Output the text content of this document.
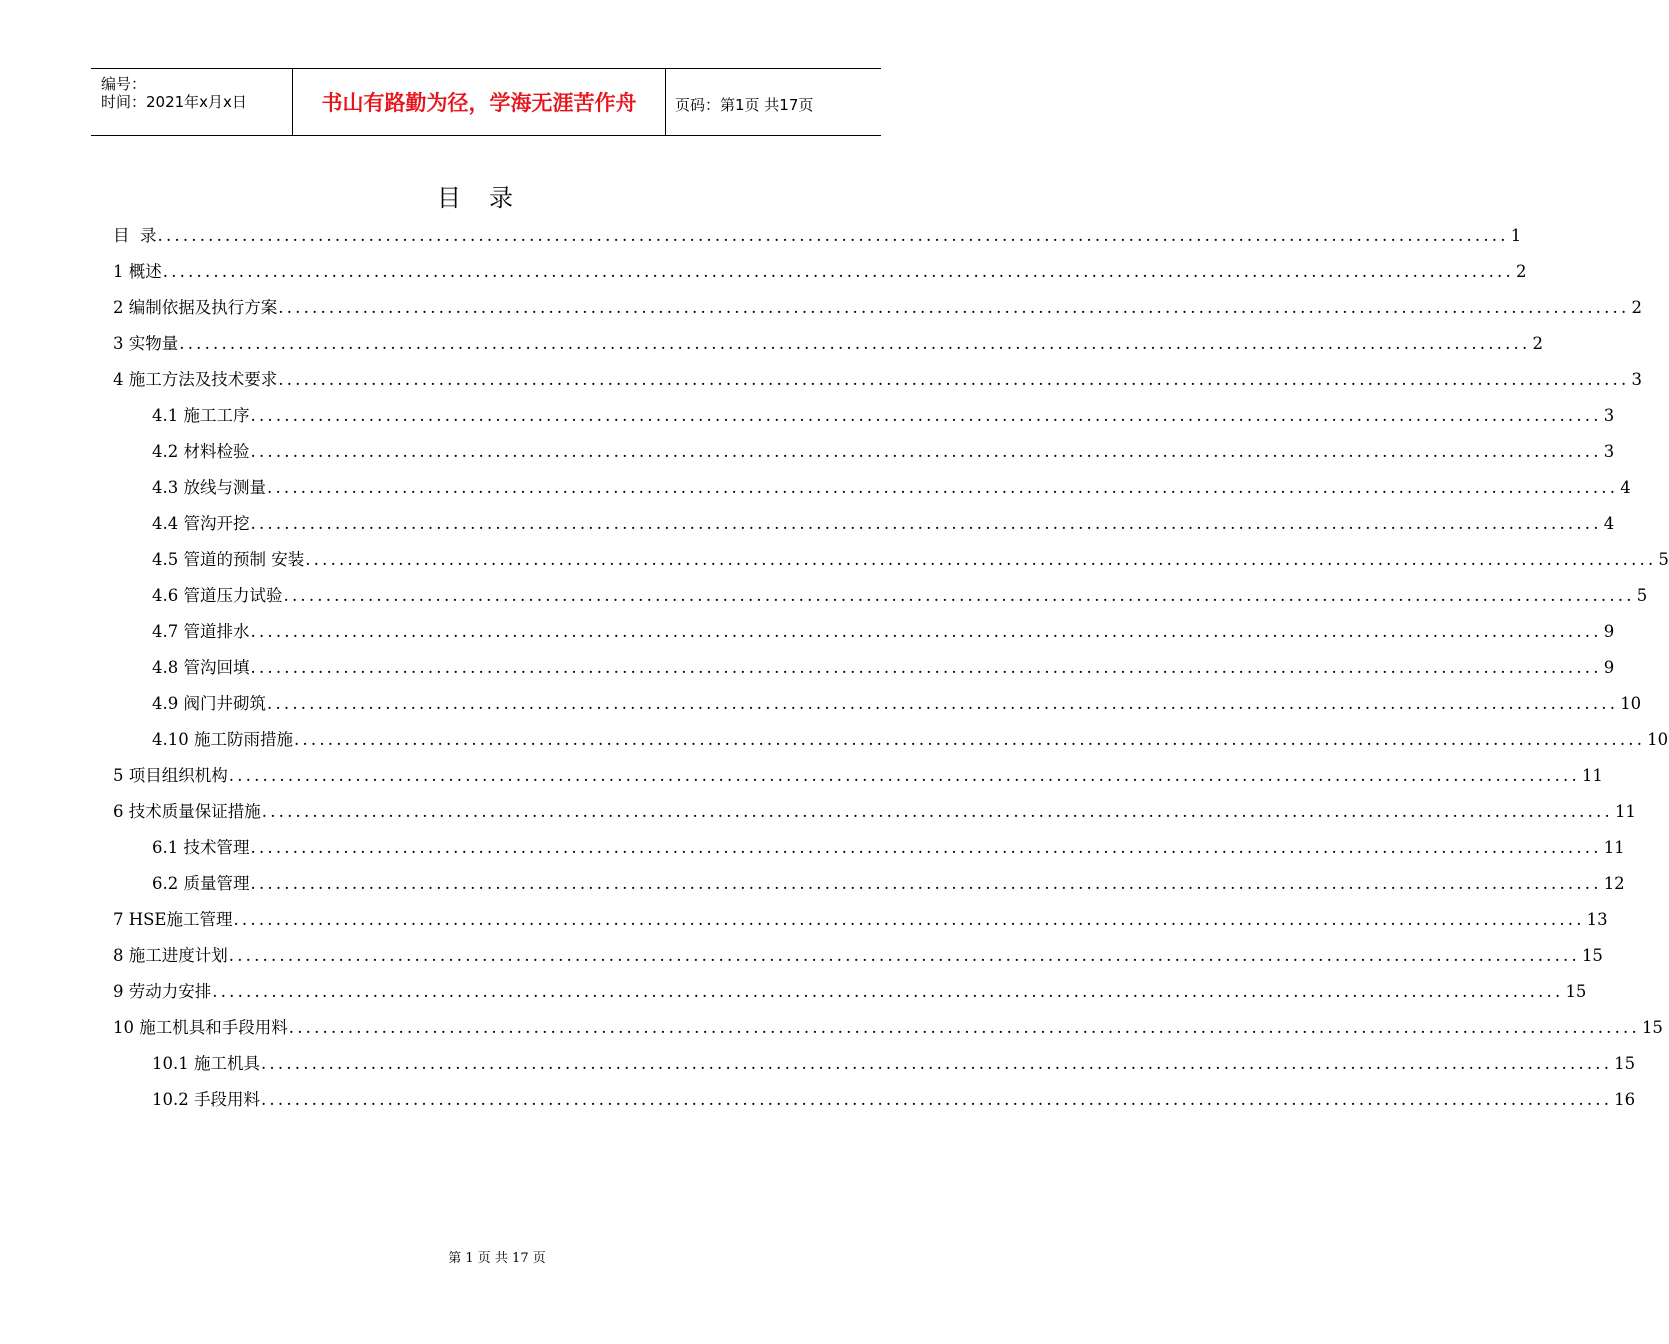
编号：
时间：2021年x月x日	书山有路勤为径，学海无涯苦作舟	页码：第1页 共17页
目录
目  录 ................................................................................................................................................................ 1
1 概述 ................................................................................................................................................................ 2
2 编制依据及执行方案 ................................................................................................................................................................ 2
3 实物量 ................................................................................................................................................................ 2
4 施工方法及技术要求 ................................................................................................................................................................ 3
4.1 施工工序 ................................................................................................................................................................ 3
4.2 材料检验 ................................................................................................................................................................ 3
4.3 放线与测量 ................................................................................................................................................................ 4
4.4 管沟开挖 ................................................................................................................................................................ 4
4.5 管道的预制 安装 ................................................................................................................................................................ 5
4.6 管道压力试验 ................................................................................................................................................................ 5
4.7 管道排水 ................................................................................................................................................................ 9
4.8 管沟回填 ................................................................................................................................................................ 9
4.9 阀门井砌筑 ................................................................................................................................................................ 10
4.10 施工防雨措施 ................................................................................................................................................................ 10
5 项目组织机构 ................................................................................................................................................................ 11
6 技术质量保证措施 ................................................................................................................................................................ 11
6.1 技术管理 ................................................................................................................................................................ 11
6.2 质量管理 ................................................................................................................................................................ 12
7 HSE施工管理 ................................................................................................................................................................ 13
8 施工进度计划 ................................................................................................................................................................ 15
9 劳动力安排 ................................................................................................................................................................ 15
10 施工机具和手段用料 ................................................................................................................................................................ 15
10.1 施工机具 ................................................................................................................................................................ 15
10.2 手段用料 ................................................................................................................................................................ 16
第 1 页 共 17 页
